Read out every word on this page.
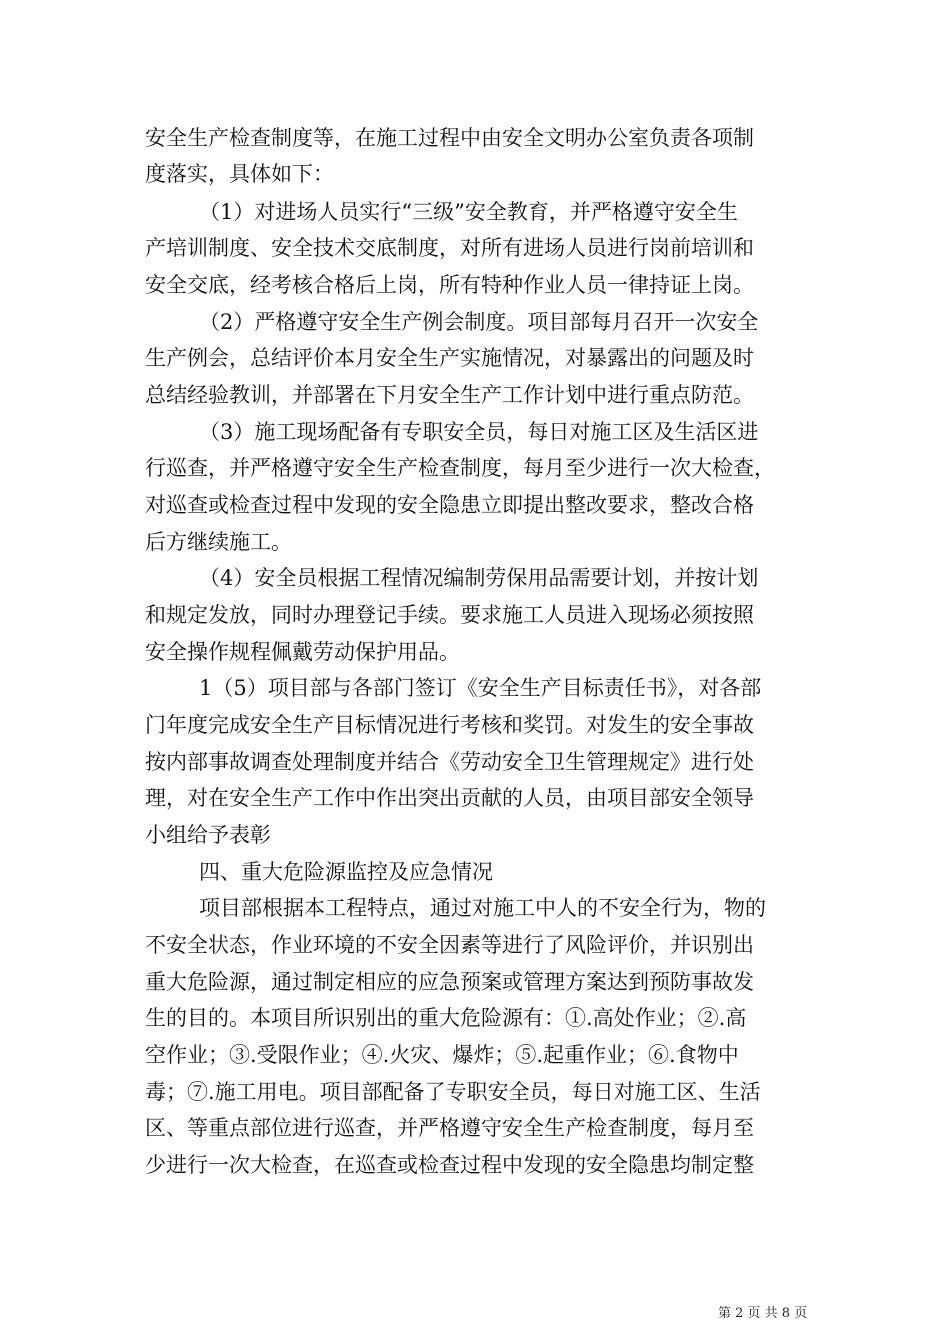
安全生产检查制度等，在施工过程中由安全文明办公室负责各项制
度落实，具体如下：
（1）对进场人员实行“三级”安全教育，并严格遵守安全生
产培训制度、安全技术交底制度，对所有进场人员进行岗前培训和
安全交底，经考核合格后上岗，所有特种作业人员一律持证上岗。
（2）严格遵守安全生产例会制度。项目部每月召开一次安全
生产例会，总结评价本月安全生产实施情况，对暴露出的问题及时
总结经验教训，并部署在下月安全生产工作计划中进行重点防范。
（3）施工现场配备有专职安全员，每日对施工区及生活区进
行巡查，并严格遵守安全生产检查制度，每月至少进行一次大检查，
对巡查或检查过程中发现的安全隐患立即提出整改要求，整改合格
后方继续施工。
（4）安全员根据工程情况编制劳保用品需要计划，并按计划
和规定发放，同时办理登记手续。要求施工人员进入现场必须按照
安全操作规程佩戴劳动保护用品。
1（5）项目部与各部门签订《安全生产目标责任书》，对各部
门年度完成安全生产目标情况进行考核和奖罚。对发生的安全事故
按内部事故调查处理制度并结合《劳动安全卫生管理规定》进行处
理，对在安全生产工作中作出突出贡献的人员，由项目部安全领导
小组给予表彰
四、重大危险源监控及应急情况
项目部根据本工程特点，通过对施工中人的不安全行为，物的
不安全状态，作业环境的不安全因素等进行了风险评价，并识别出
重大危险源，通过制定相应的应急预案或管理方案达到预防事故发
生的目的。本项目所识别出的重大危险源有：①.高处作业；②.高
空作业；③.受限作业；④.火灾、爆炸；⑤.起重作业；⑥.食物中
毒；⑦.施工用电。项目部配备了专职安全员，每日对施工区、生活
区、等重点部位进行巡查，并严格遵守安全生产检查制度，每月至
少进行一次大检查，在巡查或检查过程中发现的安全隐患均制定整
第 2 页 共 8 页
